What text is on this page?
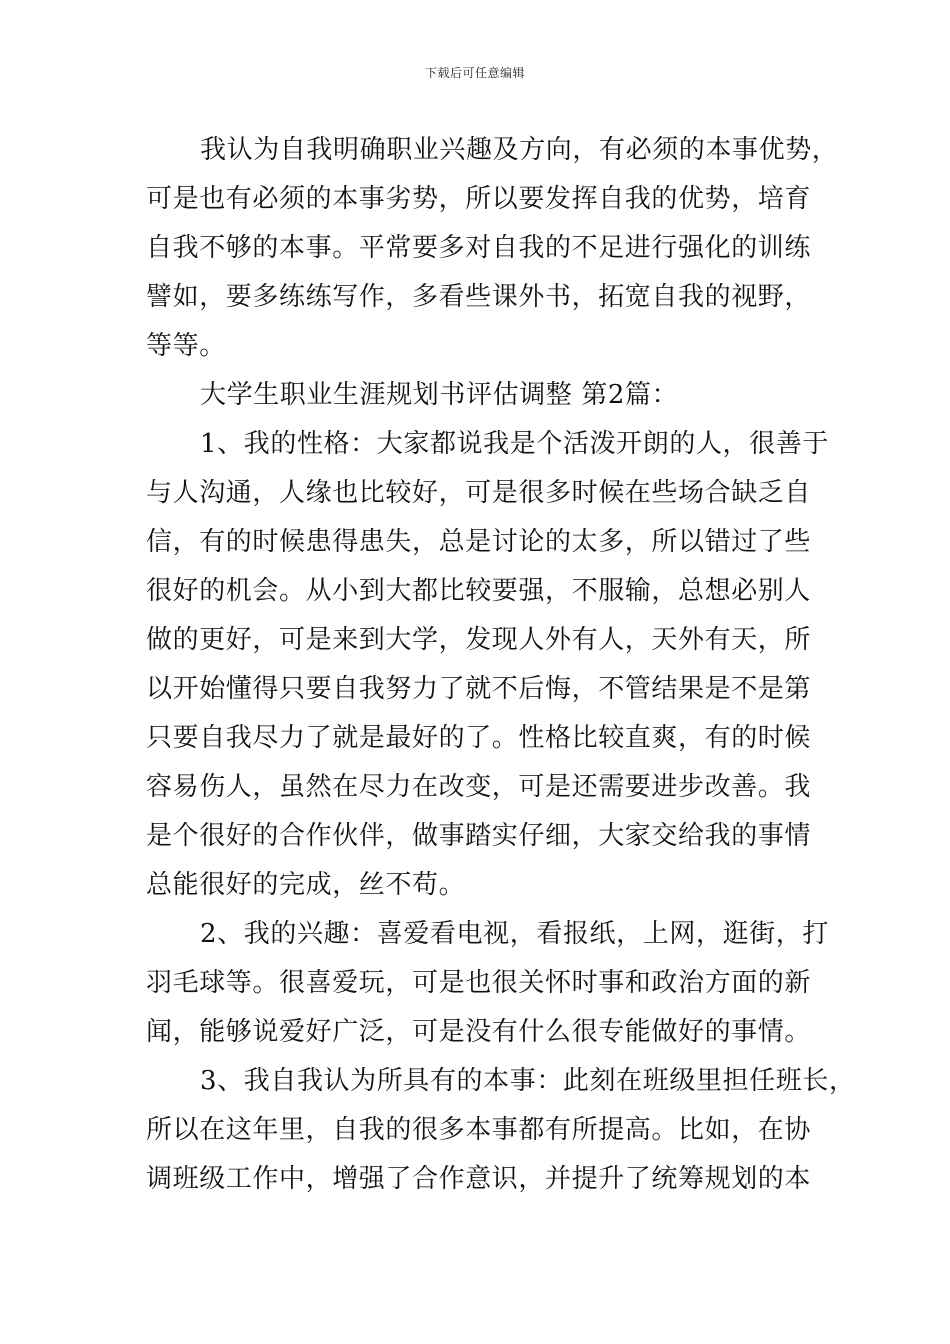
下载后可任意编辑
我认为自我明确职业兴趣及方向，有必须的本事优势，
可是也有必须的本事劣势，所以要发挥自我的优势，培育
自我不够的本事。平常要多对自我的不足进行强化的训练
譬如，要多练练写作，多看些课外书，拓宽自我的视野，
等等。
大学生职业生涯规划书评估调整 第2篇：
1、我的性格：大家都说我是个活泼开朗的人，很善于
与人沟通，人缘也比较好，可是很多时候在些场合缺乏自
信，有的时候患得患失，总是讨论的太多，所以错过了些
很好的机会。从小到大都比较要强，不服输，总想必别人
做的更好，可是来到大学，发现人外有人，天外有天，所
以开始懂得只要自我努力了就不后悔，不管结果是不是第
只要自我尽力了就是最好的了。性格比较直爽，有的时候
容易伤人，虽然在尽力在改变，可是还需要进步改善。我
是个很好的合作伙伴，做事踏实仔细，大家交给我的事情
总能很好的完成，丝不苟。
2、我的兴趣：喜爱看电视，看报纸，上网，逛街，打
羽毛球等。很喜爱玩，可是也很关怀时事和政治方面的新
闻，能够说爱好广泛，可是没有什么很专能做好的事情。
3、我自我认为所具有的本事：此刻在班级里担任班长，
所以在这年里，自我的很多本事都有所提高。比如，在协
调班级工作中，增强了合作意识，并提升了统筹规划的本
